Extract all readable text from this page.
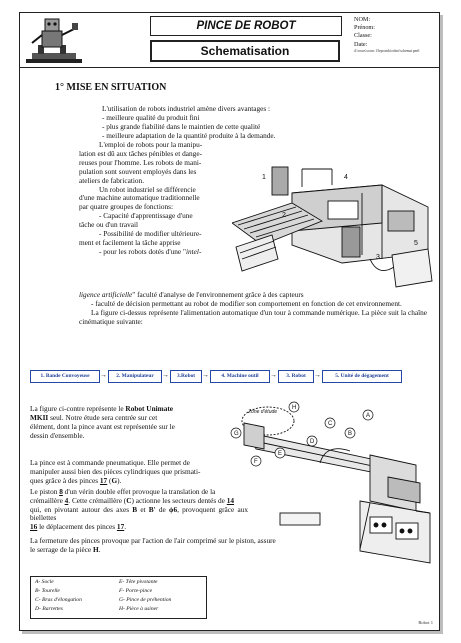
PINCE DE ROBOT
Schematisation
NOM:
Prénom:
Classe:
Date:
d:\cours\cours 1\lepronda\robot\schemat.pm6
1° MISE EN SITUATION

L'utilisation de robots industriel amène divers avantages :

- meilleure qualité du produit fini

- plus grande fiabilité dans le maintien de cette qualité

- meilleure adaptation de la quantité produite à la demande.

L'emploi de robots pour la manipu-

lation est dû aux tâches pénibles et dange-

reuses pour l'homme. Les robots de mani-

pulation sont souvent employés dans les

ateliers de fabrication.

Un robot industriel se différencie

d'une machine automatique traditionnelle

par quatre groupes de fonctions:

- Capacité d'apprentissage d'une

tâche ou d'un travail

- Possibilité de modifier ultérieure-

ment et facilement la tâche apprise

- pour les robots dotés d'une "intel-

ligence artificielle" faculté d'analyse de l'environnement grâce à des capteurs

- faculté de décision permettant au robot de modifier son comportement en fonction de cet environnement.

La figure ci-dessus représente l'alimentation automatique d'un tour à commande numérique. La pièce suit la chaîne cinématique suivante:

1
2
3
4
5
1. Bande Convoyeuse	→	2. Manipulateur	→	3.Robot →	4. Machine outil	→	3. Robot	→	5. Unité de dégagement

La figure ci-contre représente le Robot Unimate

MKII seul. Notre étude sera centrée sur cet

élément, dont la pince avant est représentée sur le

dessin d'ensemble.

La pince est à commande pneumatique. Elle permet de

manipuler aussi bien des pièces cylindriques que prismati-

ques grâce à des pinces 17 (G).

Le piston 8 d'un vérin double effet provoque la translation de la

crémaillère 4. Cette crémaillère (C) actionne les secteurs dentés de 14

qui, en pivotant autour des axes B et B' de ϕ6, provoquent grâce aux biellettes

16 le déplacement des pinces 17.

La fermeture des pinces provoque par l'action de l'air comprimé sur le piston, assure

le serrage de la pièce H.

Zone d'étude
A
B
C
D
E
F
G
H
A- Socle
B- Tourelle
C- Bras d'élongation
D- Barrettes
E- Tête pivotante
F- Porte-pince
G- Pince de préhention
H- Pièce à usiner
Robot 1
